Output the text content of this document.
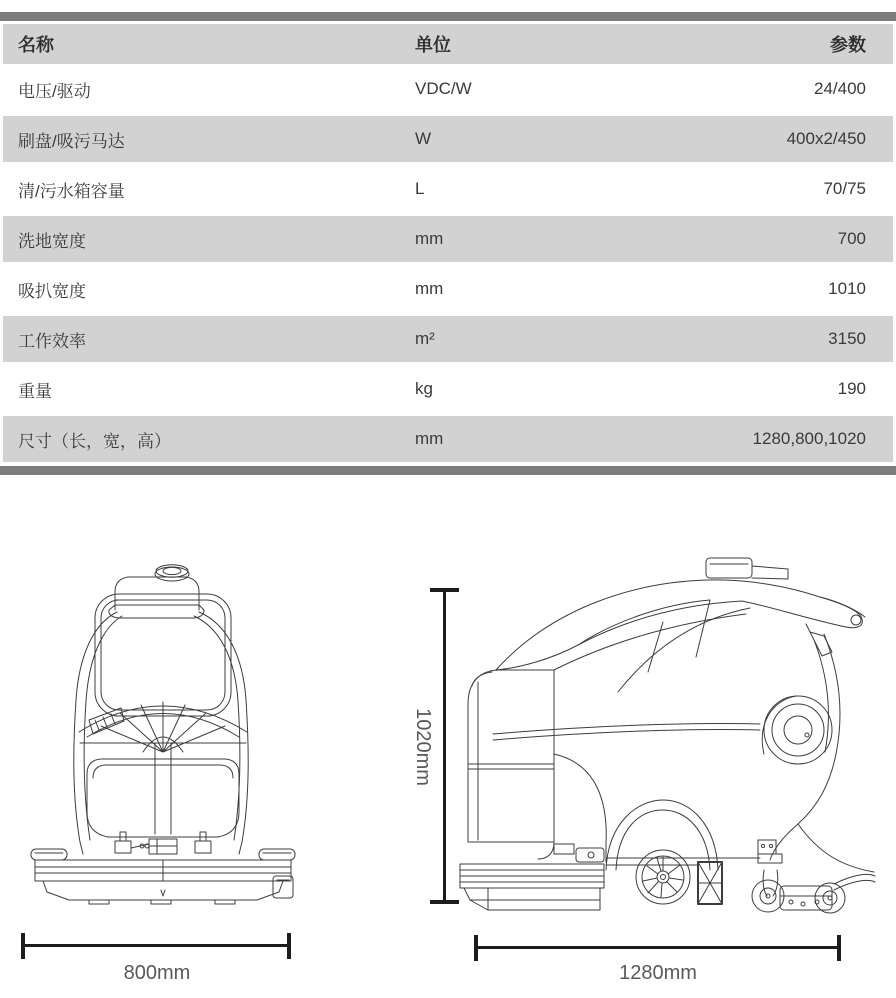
名称	单位	参数
电压/驱动	VDC/W	24/400
刷盘/吸污马达	W	400x2/450
清/污水箱容量	L	70/75
洗地宽度	mm	700
吸扒宽度	mm	1010
工作效率	m²	3150
重量	kg	190
尺寸（长，宽，高）	mm	1280,800,1020
800mm
1020mm
1280mm
